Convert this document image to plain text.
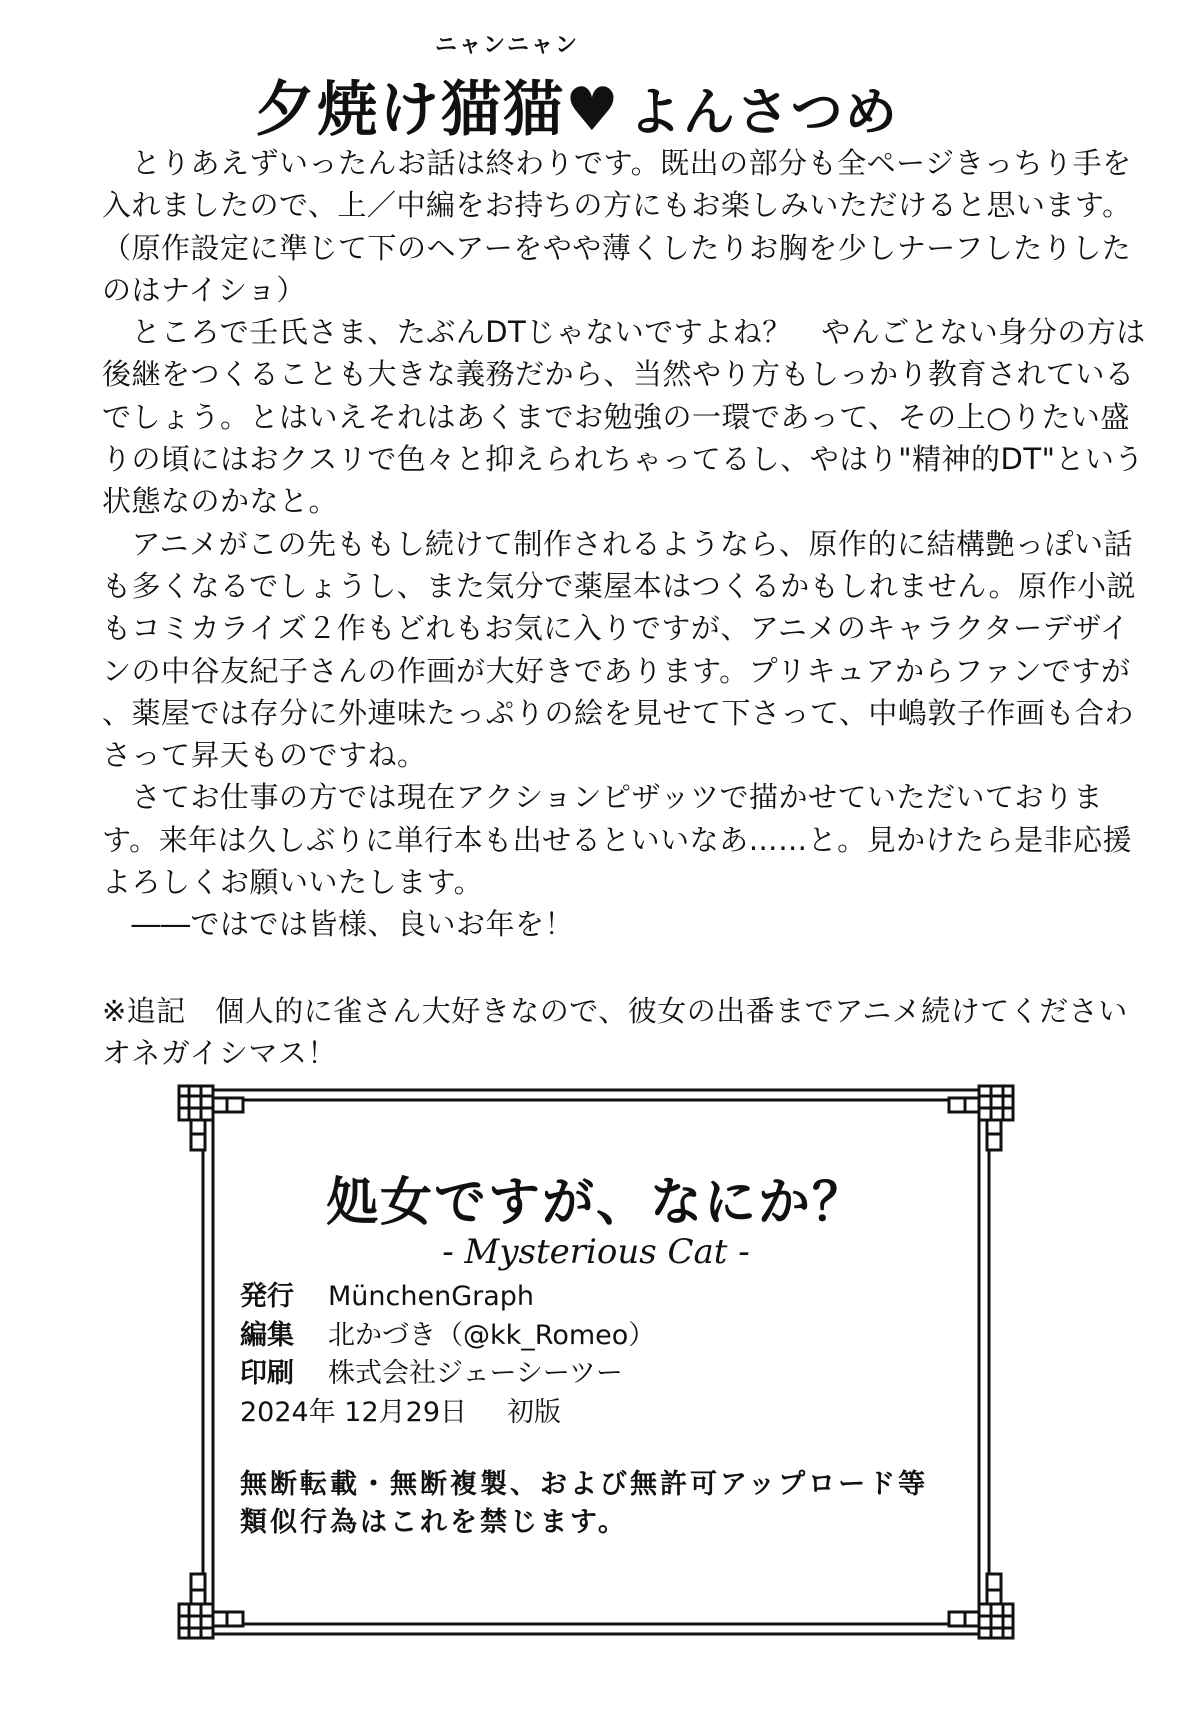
ニャンニャン
夕焼け猫猫♥ よんさつめ
　とりあえずいったんお話は終わりです。既出の部分も全ページきっちり手を
入れましたので、上／中編をお持ちの方にもお楽しみいただけると思います。
（原作設定に準じて下のヘアーをやや薄くしたりお胸を少しナーフしたりした
のはナイショ）
　ところで壬氏さま、たぶんDTじゃないですよね？　やんごとない身分の方は
後継をつくることも大きな義務だから、当然やり方もしっかり教育されている
でしょう。とはいえそれはあくまでお勉強の一環であって、その上○りたい盛
りの頃にはおクスリで色々と抑えられちゃってるし、やはり"精神的DT"という
状態なのかなと。
　アニメがこの先ももし続けて制作されるようなら、原作的に結構艶っぽい話
も多くなるでしょうし、また気分で薬屋本はつくるかもしれません。原作小説
もコミカライズ２作もどれもお気に入りですが、アニメのキャラクターデザイ
ンの中谷友紀子さんの作画が大好きであります。プリキュアからファンですが
、薬屋では存分に外連味たっぷりの絵を見せて下さって、中嶋敦子作画も合わ
さって昇天ものですね。
　さてお仕事の方では現在アクションピザッツで描かせていただいておりま
す。来年は久しぶりに単行本も出せるといいなあ……と。見かけたら是非応援
よろしくお願いいたします。
　――ではでは皆様、良いお年を！
※追記　個人的に雀さん大好きなので、彼女の出番までアニメ続けてください
オネガイシマス！
処女ですが、なにか？
- Mysterious Cat -
発行 MünchenGraph
編集 北かづき（@kk_Romeo）
印刷 株式会社ジェーシーツー
2024年 12月29日 初版
無断転載・無断複製、および無許可アップロード等
類似行為はこれを禁じます。
